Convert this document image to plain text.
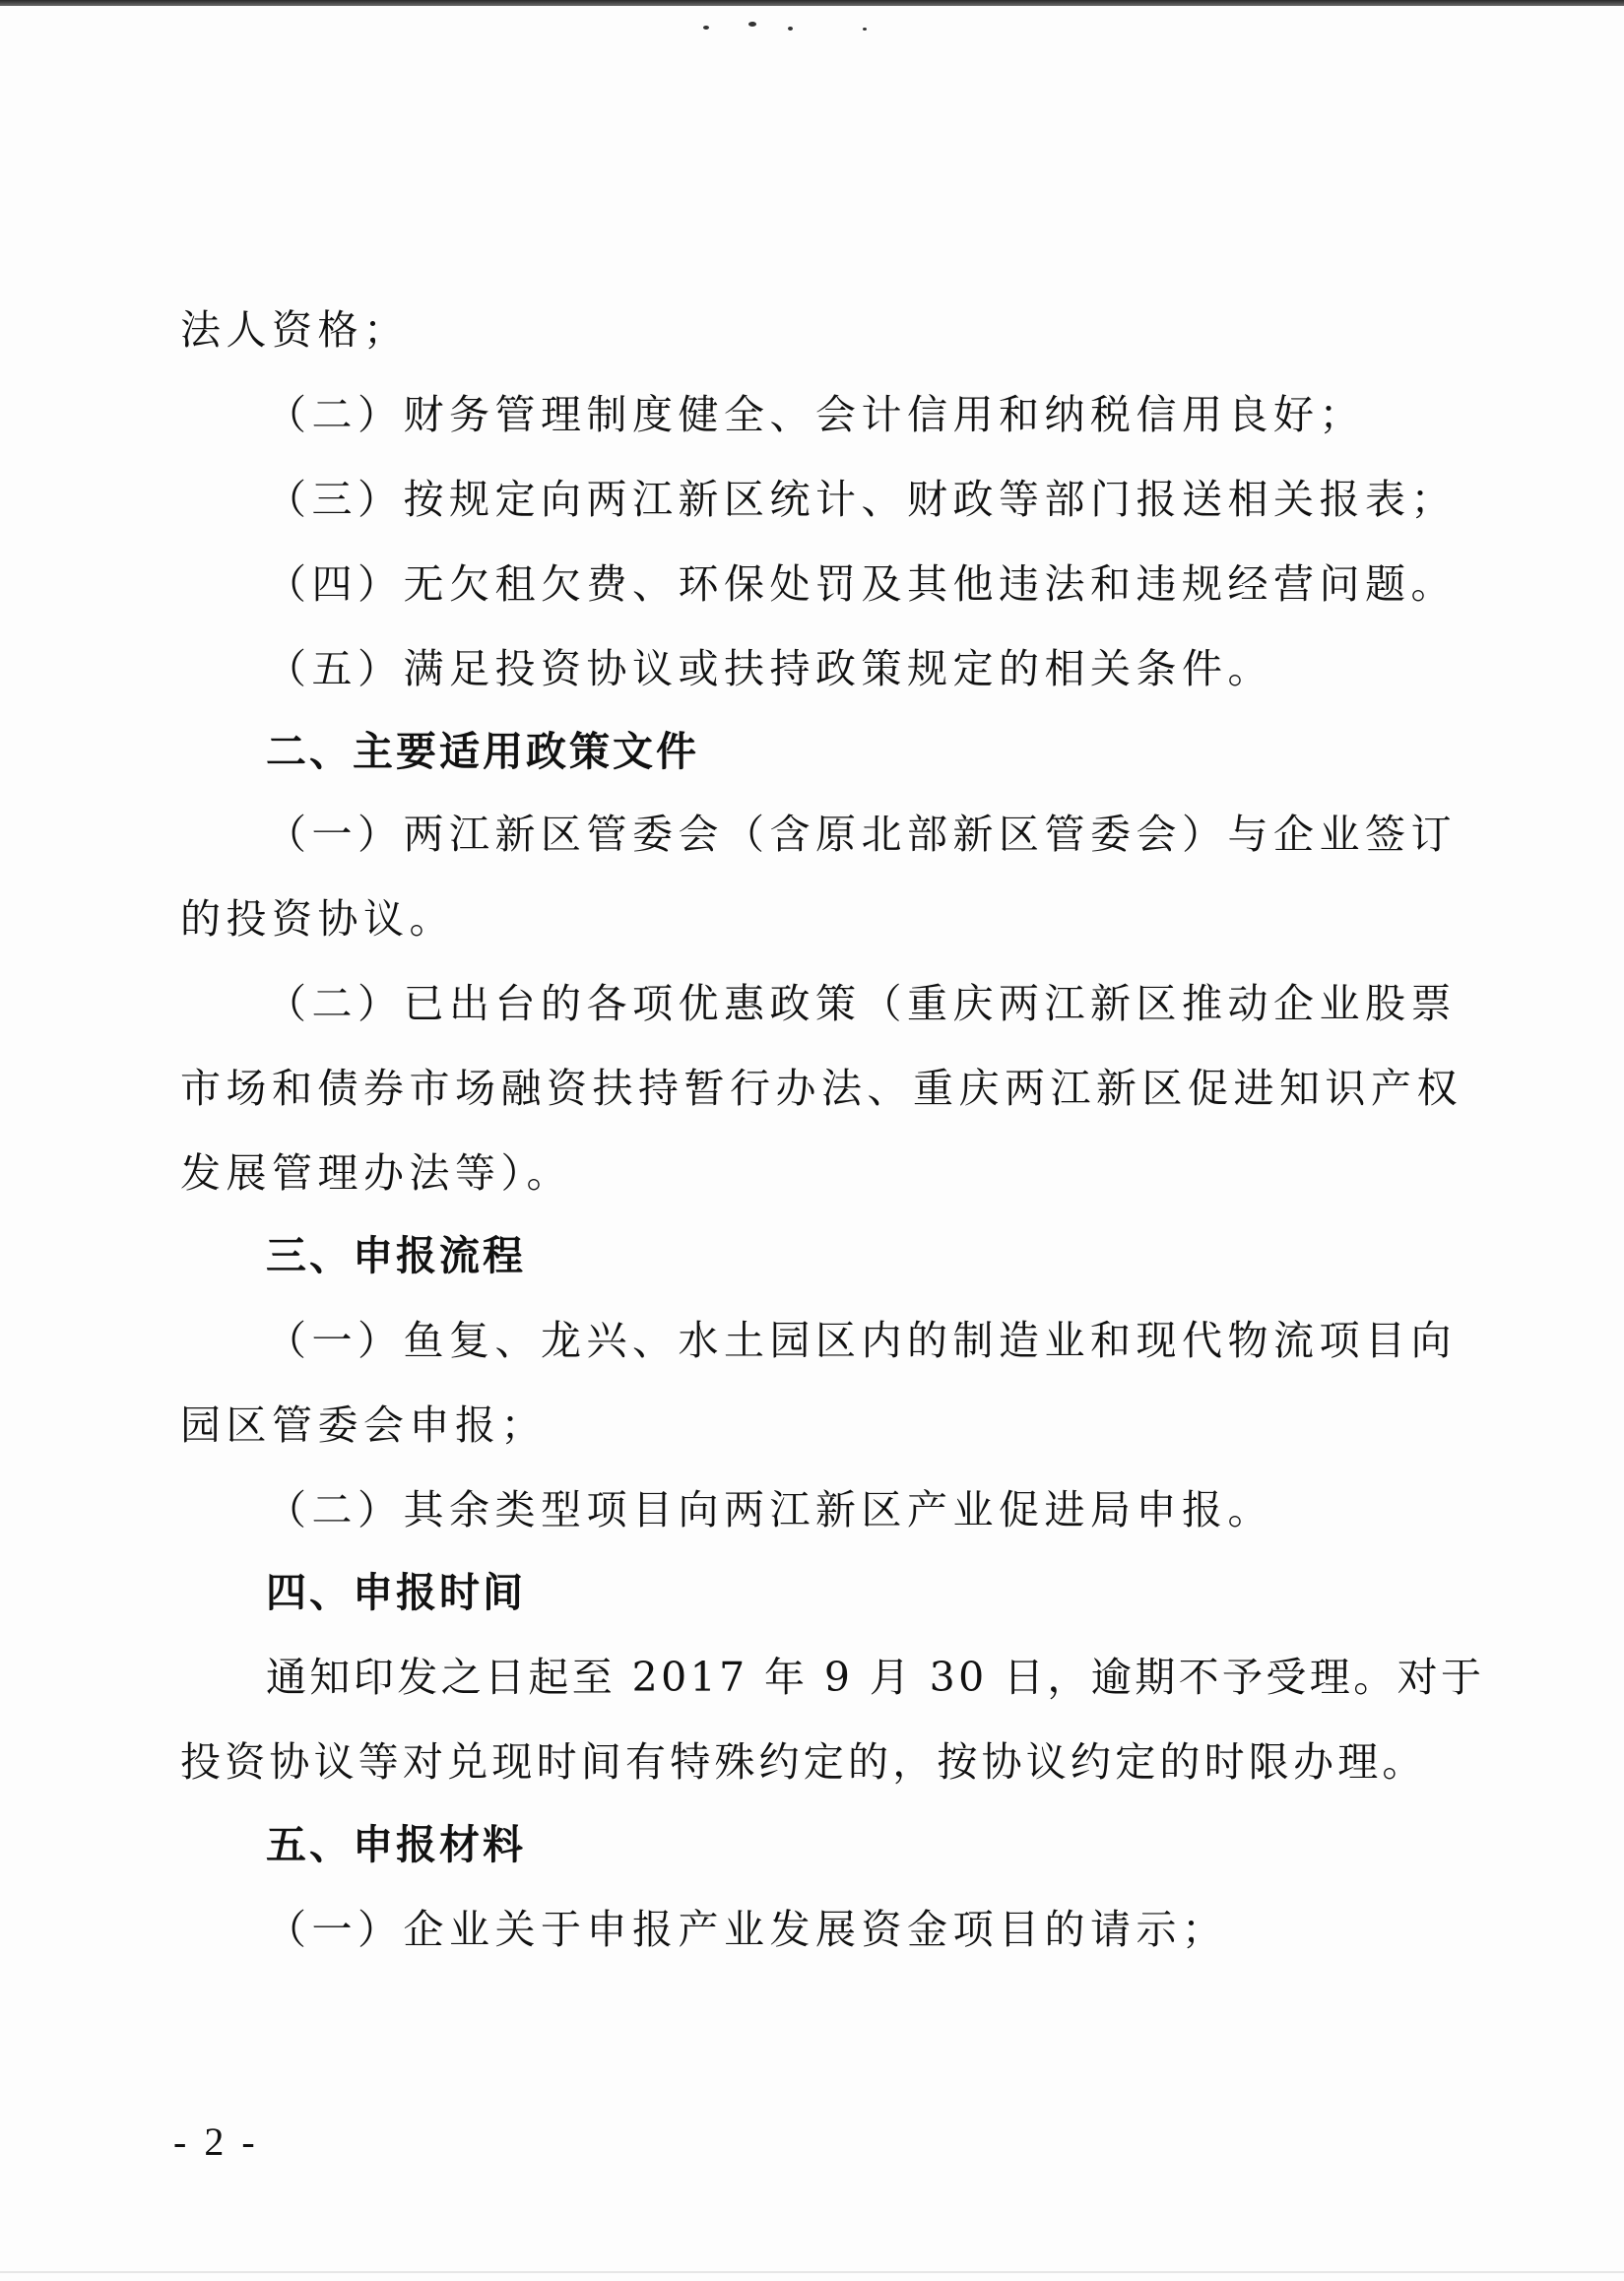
法人资格；
（二）财务管理制度健全、会计信用和纳税信用良好；
（三）按规定向两江新区统计、财政等部门报送相关报表；
（四）无欠租欠费、环保处罚及其他违法和违规经营问题。
（五）满足投资协议或扶持政策规定的相关条件。
二、主要适用政策文件
（一）两江新区管委会（含原北部新区管委会）与企业签订
的投资协议。
（二）已出台的各项优惠政策（重庆两江新区推动企业股票
市场和债券市场融资扶持暂行办法、重庆两江新区促进知识产权
发展管理办法等）。
三、申报流程
（一）鱼复、龙兴、水土园区内的制造业和现代物流项目向
园区管委会申报；
（二）其余类型项目向两江新区产业促进局申报。
四、申报时间
通知印发之日起至 2017 年 9 月 30 日，逾期不予受理。对于
投资协议等对兑现时间有特殊约定的，按协议约定的时限办理。
五、申报材料
（一）企业关于申报产业发展资金项目的请示；
- 2 -
